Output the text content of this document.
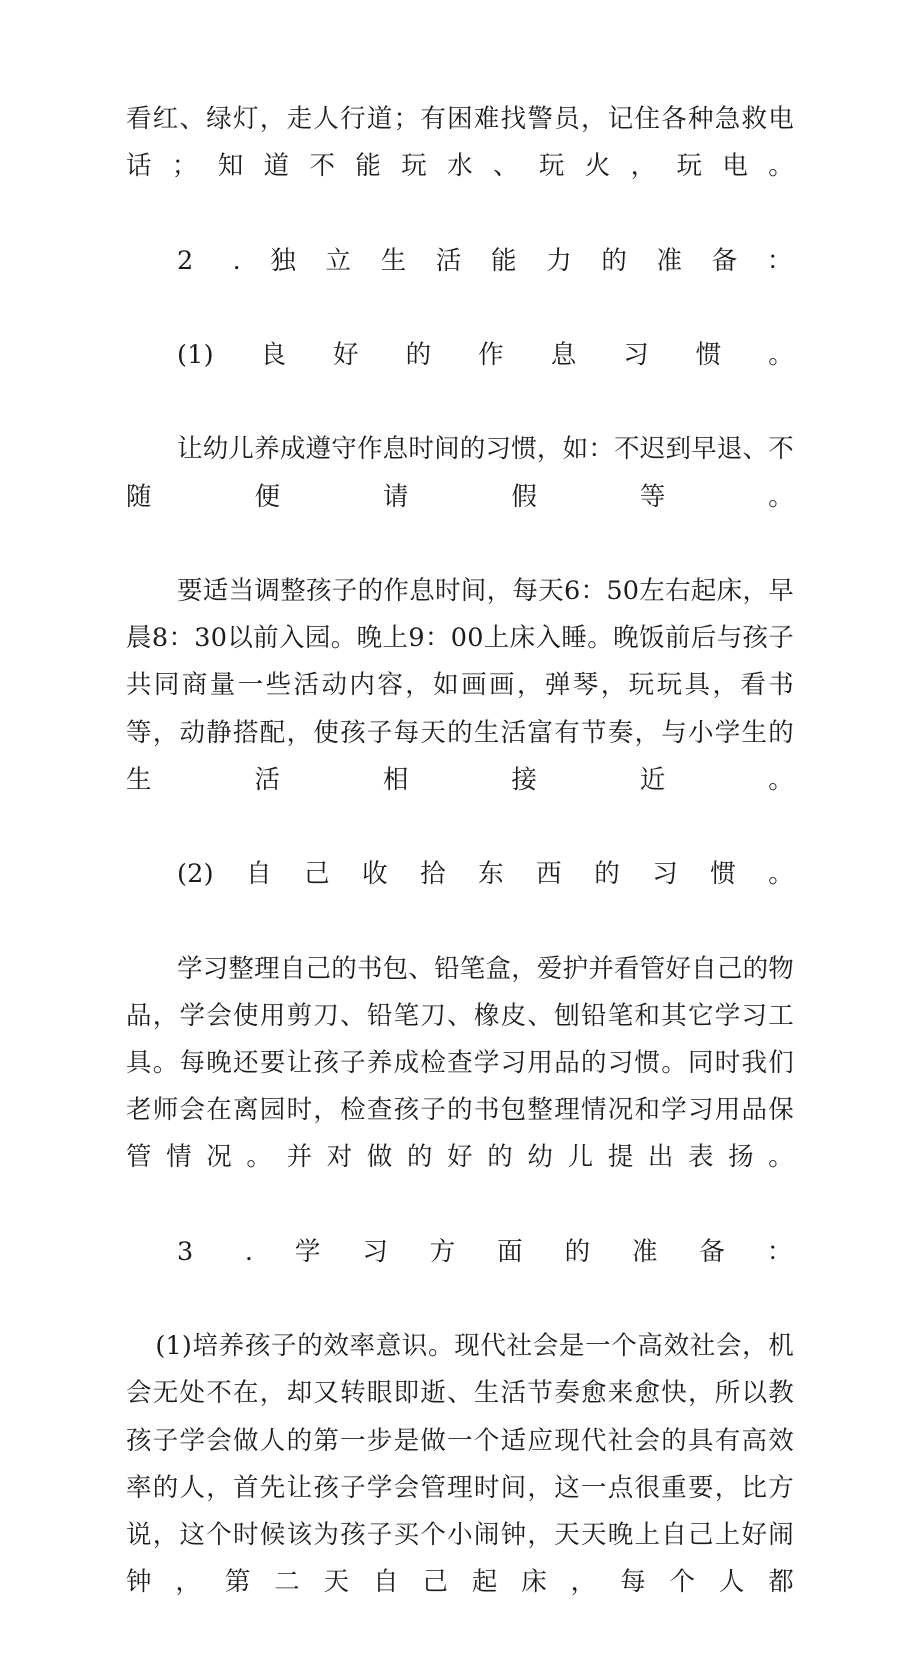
看红、绿灯，走人行道；有困难找警员，记住各种急救电话；知道不能玩水、玩火，玩电。

2 .独立生活能力的准备：

(1)良好的作息习惯。

让幼儿养成遵守作息时间的习惯，如：不迟到早退、不随便请假等。

要适当调整孩子的作息时间，每天6：50左右起床，早晨8：30以前入园。晚上9：00上床入睡。晚饭前后与孩子共同商量一些活动内容，如画画，弹琴，玩玩具，看书等，动静搭配，使孩子每天的生活富有节奏，与小学生的生活相接近。

(2)自己收拾东西的习惯。

学习整理自己的书包、铅笔盒，爱护并看管好自己的物品，学会使用剪刀、铅笔刀、橡皮、刨铅笔和其它学习工具。每晚还要让孩子养成检查学习用品的习惯。同时我们老师会在离园时，检查孩子的书包整理情况和学习用品保管情况。并对做的好的幼儿提出表扬。

3 .学习方面的准备：

(1)培养孩子的效率意识。现代社会是一个高效社会，机会无处不在，却又转眼即逝、生活节奏愈来愈快，所以教孩子学会做人的第一步是做一个适应现代社会的具有高效率的人，首先让孩子学会管理时间，这一点很重要，比方说，这个时候该为孩子买个小闹钟，天天晚上自己上好闹钟，第二天自己起床，每个人都
